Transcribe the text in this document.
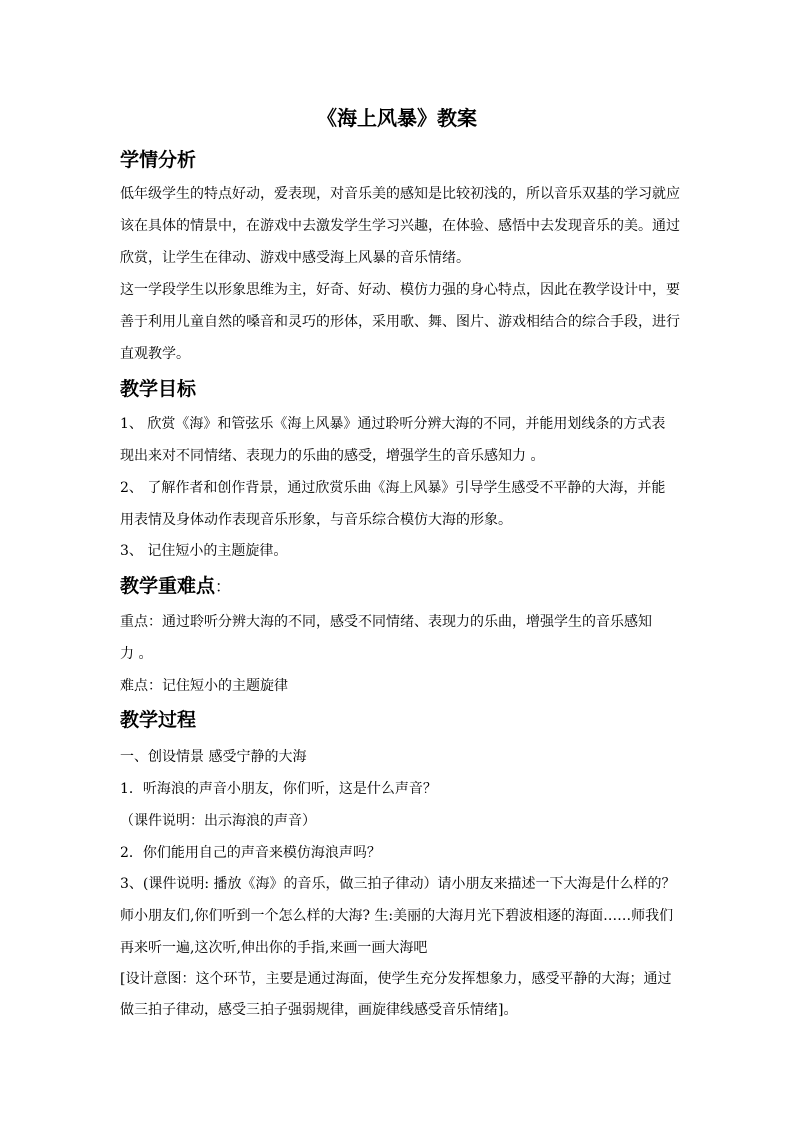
《海上风暴》教案
学情分析
低年级学生的特点好动，爱表现，对音乐美的感知是比较初浅的，所以音乐双基的学习就应
该在具体的情景中，在游戏中去激发学生学习兴趣，在体验、感悟中去发现音乐的美。通过
欣赏，让学生在律动、游戏中感受海上风暴的音乐情绪。
这一学段学生以形象思维为主，好奇、好动、模仿力强的身心特点，因此在教学设计中，要
善于利用儿童自然的嗓音和灵巧的形体，采用歌、舞、图片、游戏相结合的综合手段，进行
直观教学。
教学目标
1、 欣赏《海》和管弦乐《海上风暴》通过聆听分辨大海的不同，并能用划线条的方式表
现出来对不同情绪、表现力的乐曲的感受，增强学生的音乐感知力 。
2、 了解作者和创作背景，通过欣赏乐曲《海上风暴》引导学生感受不平静的大海，并能
用表情及身体动作表现音乐形象，与音乐综合模仿大海的形象。
3、 记住短小的主题旋律。
教学重难点：
重点：通过聆听分辨大海的不同，感受不同情绪、表现力的乐曲，增强学生的音乐感知
力 。
难点：记住短小的主题旋律
教学过程
一、创设情景 感受宁静的大海
1．听海浪的声音小朋友，你们听，这是什么声音？
（课件说明：出示海浪的声音）
2．你们能用自己的声音来模仿海浪声吗？
3、(课件说明: 播放《海》的音乐，做三拍子律动）请小朋友来描述一下大海是什么样的？
师小朋友们,你们听到一个怎么样的大海? 生:美丽的大海月光下碧波相逐的海面……师我们
再来听一遍,这次听,伸出你的手指,来画一画大海吧
[设计意图：这个环节，主要是通过海面，使学生充分发挥想象力，感受平静的大海；通过
做三拍子律动，感受三拍子强弱规律，画旋律线感受音乐情绪]。
